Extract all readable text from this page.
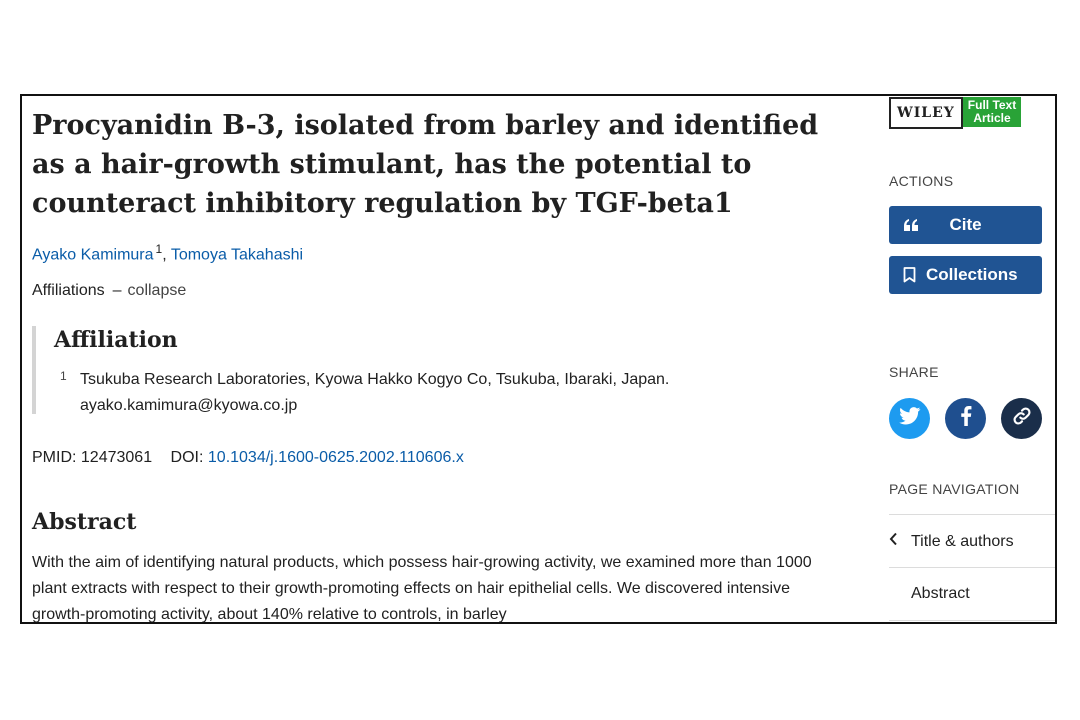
Procyanidin B-3, isolated from barley and identified as a hair-growth stimulant, has the potential to counteract inhibitory regulation by TGF-beta1
Ayako Kamimura $^1$, Tomoya Takahashi
Affiliations – collapse
Affiliation
1 Tsukuba Research Laboratories, Kyowa Hakko Kogyo Co, Tsukuba, Ibaraki, Japan.
ayako.kamimura@kyowa.co.jp
PMID: 12473061 DOI: 10.1034/j.1600-0625.2002.110606.x
Abstract

With the aim of identifying natural products, which possess hair-growing activity, we examined more than 1000 plant extracts with respect to their growth-promoting effects on hair epithelial cells. We discovered intensive growth-promoting activity, about 140% relative to controls, in barley

WILEY	Full Text
Article
ACTIONS
Cite
Collections
SHARE
PAGE NAVIGATION
Title & authors
Abstract
